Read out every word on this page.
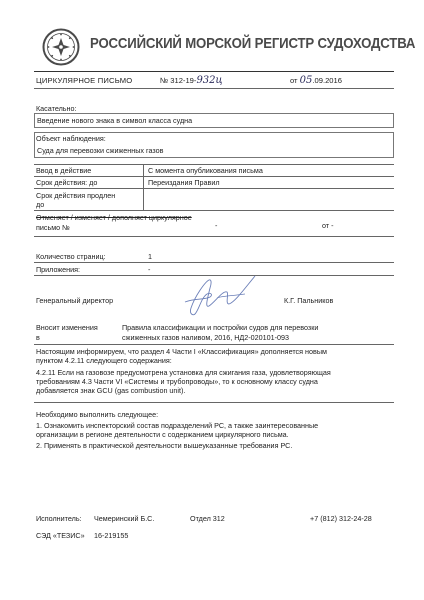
РОССИЙСКИЙ МОРСКОЙ РЕГИСТР СУДОХОДСТВА
ЦИРКУЛЯРНОЕ ПИСЬМО	№ 312-19-932ц	от 05.09.2016
Касательно:
Введение нового знака в символ класса судна
Объект наблюдения:
Суда для перевозки сжиженных газов
Ввод в действие	С момента опубликования письма
Срок действия: до	Переиздания Правил
Срок действия продлен
до
Отменяет / изменяет / дополняет циркулярное
письмо №	-	от -
Количество страниц:	1
Приложения:	-
Генеральный директор	К.Г. Пальников
Вносит изменения
в
Правила классификации и постройки судов для перевозки
сжиженных газов наливом, 2016, НД2-020101-093
Настоящим информируем, что раздел 4 Части I «Классификация» дополняется новым
пунктом 4.2.11 следующего содержания:
4.2.11 Если на газовозе предусмотрена установка для сжигания газа, удовлетворяющая
требованиям 4.3 Части VI «Системы и трубопроводы», то к основному классу судна
добавляется знак GCU (gas combustion unit).
Необходимо выполнить следующее:
1. Ознакомить инспекторский состав подразделений РС, а также заинтересованные
организации в регионе деятельности с содержанием циркулярного письма.
2. Применять в практической деятельности вышеуказанные требования РС.
Исполнитель: Чемеринский Б.С.	Отдел 312	+7 (812) 312-24-28
СЭД «ТЕЗИС» 16-219155
